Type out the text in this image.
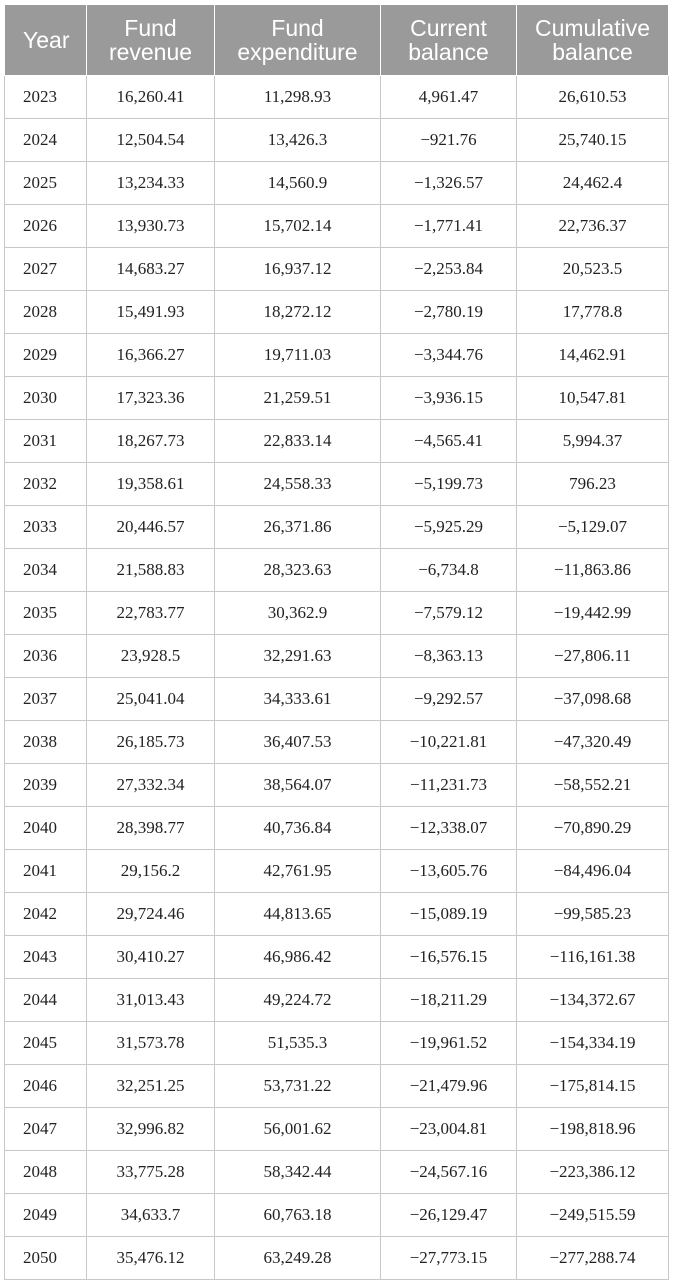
Year	Fund revenue	Fund expenditure	Current balance	Cumulative balance
2023	16,260.41	11,298.93	4,961.47	26,610.53
2024	12,504.54	13,426.3	−921.76	25,740.15
2025	13,234.33	14,560.9	−1,326.57	24,462.4
2026	13,930.73	15,702.14	−1,771.41	22,736.37
2027	14,683.27	16,937.12	−2,253.84	20,523.5
2028	15,491.93	18,272.12	−2,780.19	17,778.8
2029	16,366.27	19,711.03	−3,344.76	14,462.91
2030	17,323.36	21,259.51	−3,936.15	10,547.81
2031	18,267.73	22,833.14	−4,565.41	5,994.37
2032	19,358.61	24,558.33	−5,199.73	796.23
2033	20,446.57	26,371.86	−5,925.29	−5,129.07
2034	21,588.83	28,323.63	−6,734.8	−11,863.86
2035	22,783.77	30,362.9	−7,579.12	−19,442.99
2036	23,928.5	32,291.63	−8,363.13	−27,806.11
2037	25,041.04	34,333.61	−9,292.57	−37,098.68
2038	26,185.73	36,407.53	−10,221.81	−47,320.49
2039	27,332.34	38,564.07	−11,231.73	−58,552.21
2040	28,398.77	40,736.84	−12,338.07	−70,890.29
2041	29,156.2	42,761.95	−13,605.76	−84,496.04
2042	29,724.46	44,813.65	−15,089.19	−99,585.23
2043	30,410.27	46,986.42	−16,576.15	−116,161.38
2044	31,013.43	49,224.72	−18,211.29	−134,372.67
2045	31,573.78	51,535.3	−19,961.52	−154,334.19
2046	32,251.25	53,731.22	−21,479.96	−175,814.15
2047	32,996.82	56,001.62	−23,004.81	−198,818.96
2048	33,775.28	58,342.44	−24,567.16	−223,386.12
2049	34,633.7	60,763.18	−26,129.47	−249,515.59
2050	35,476.12	63,249.28	−27,773.15	−277,288.74
